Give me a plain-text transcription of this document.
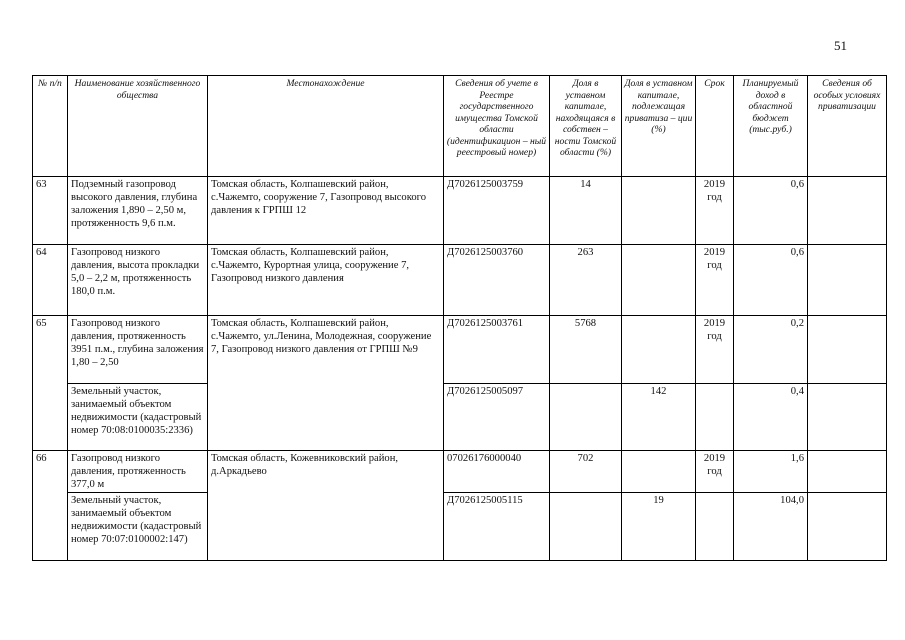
51
№ п/п	Наименование хозяйственного общества	Местонахождение	Сведения об учете в Реестре государственного имущества Томской области (идентификацион – ный реестровый номер)	Доля в уставном капитале, находящаяся в собствен – ности Томской области (%)	Доля в уставном капитале, подлежащая приватиза – ции (%)	Срок	Планируемый доход в областной бюджет (тыс.руб.)	Сведения об особых условиях приватизации
63	Подземный газопровод высокого давления, глубина заложения 1,890 – 2,50 м, протяженность 9,6 п.м.	Томская область, Колпашевский район, с.Чажемто, сооружение 7, Газопровод высокого давления к ГРПШ 12	Д7026125003759	14		2019 год	0,6	
64	Газопровод низкого давления, высота прокладки 5,0 – 2,2 м, протяженность 180,0 п.м.	Томская область, Колпашевский район, с.Чажемто, Курортная улица, сооружение 7, Газопровод низкого давления	Д7026125003760	263		2019 год	0,6	
65	Газопровод низкого давления, протяженность 3951 п.м., глубина заложения 1,80 – 2,50	Томская область, Колпашевский район, с.Чажемто, ул.Ленина, Молодежная, сооружение 7, Газопровод низкого давления от ГРПШ №9	Д7026125003761	5768		2019 год	0,2	
	Земельный участок, занимаемый объектом недвижимости (кадастровый номер 70:08:0100035:2336)		Д7026125005097		142		0,4	
66	Газопровод низкого давления, протяженность 377,0 м	Томская область, Кожевниковский район, д.Аркадьево	07026176000040	702		2019 год	1,6	
	Земельный участок, занимаемый объектом недвижимости (кадастровый номер 70:07:0100002:147)		Д7026125005115		19		104,0	
